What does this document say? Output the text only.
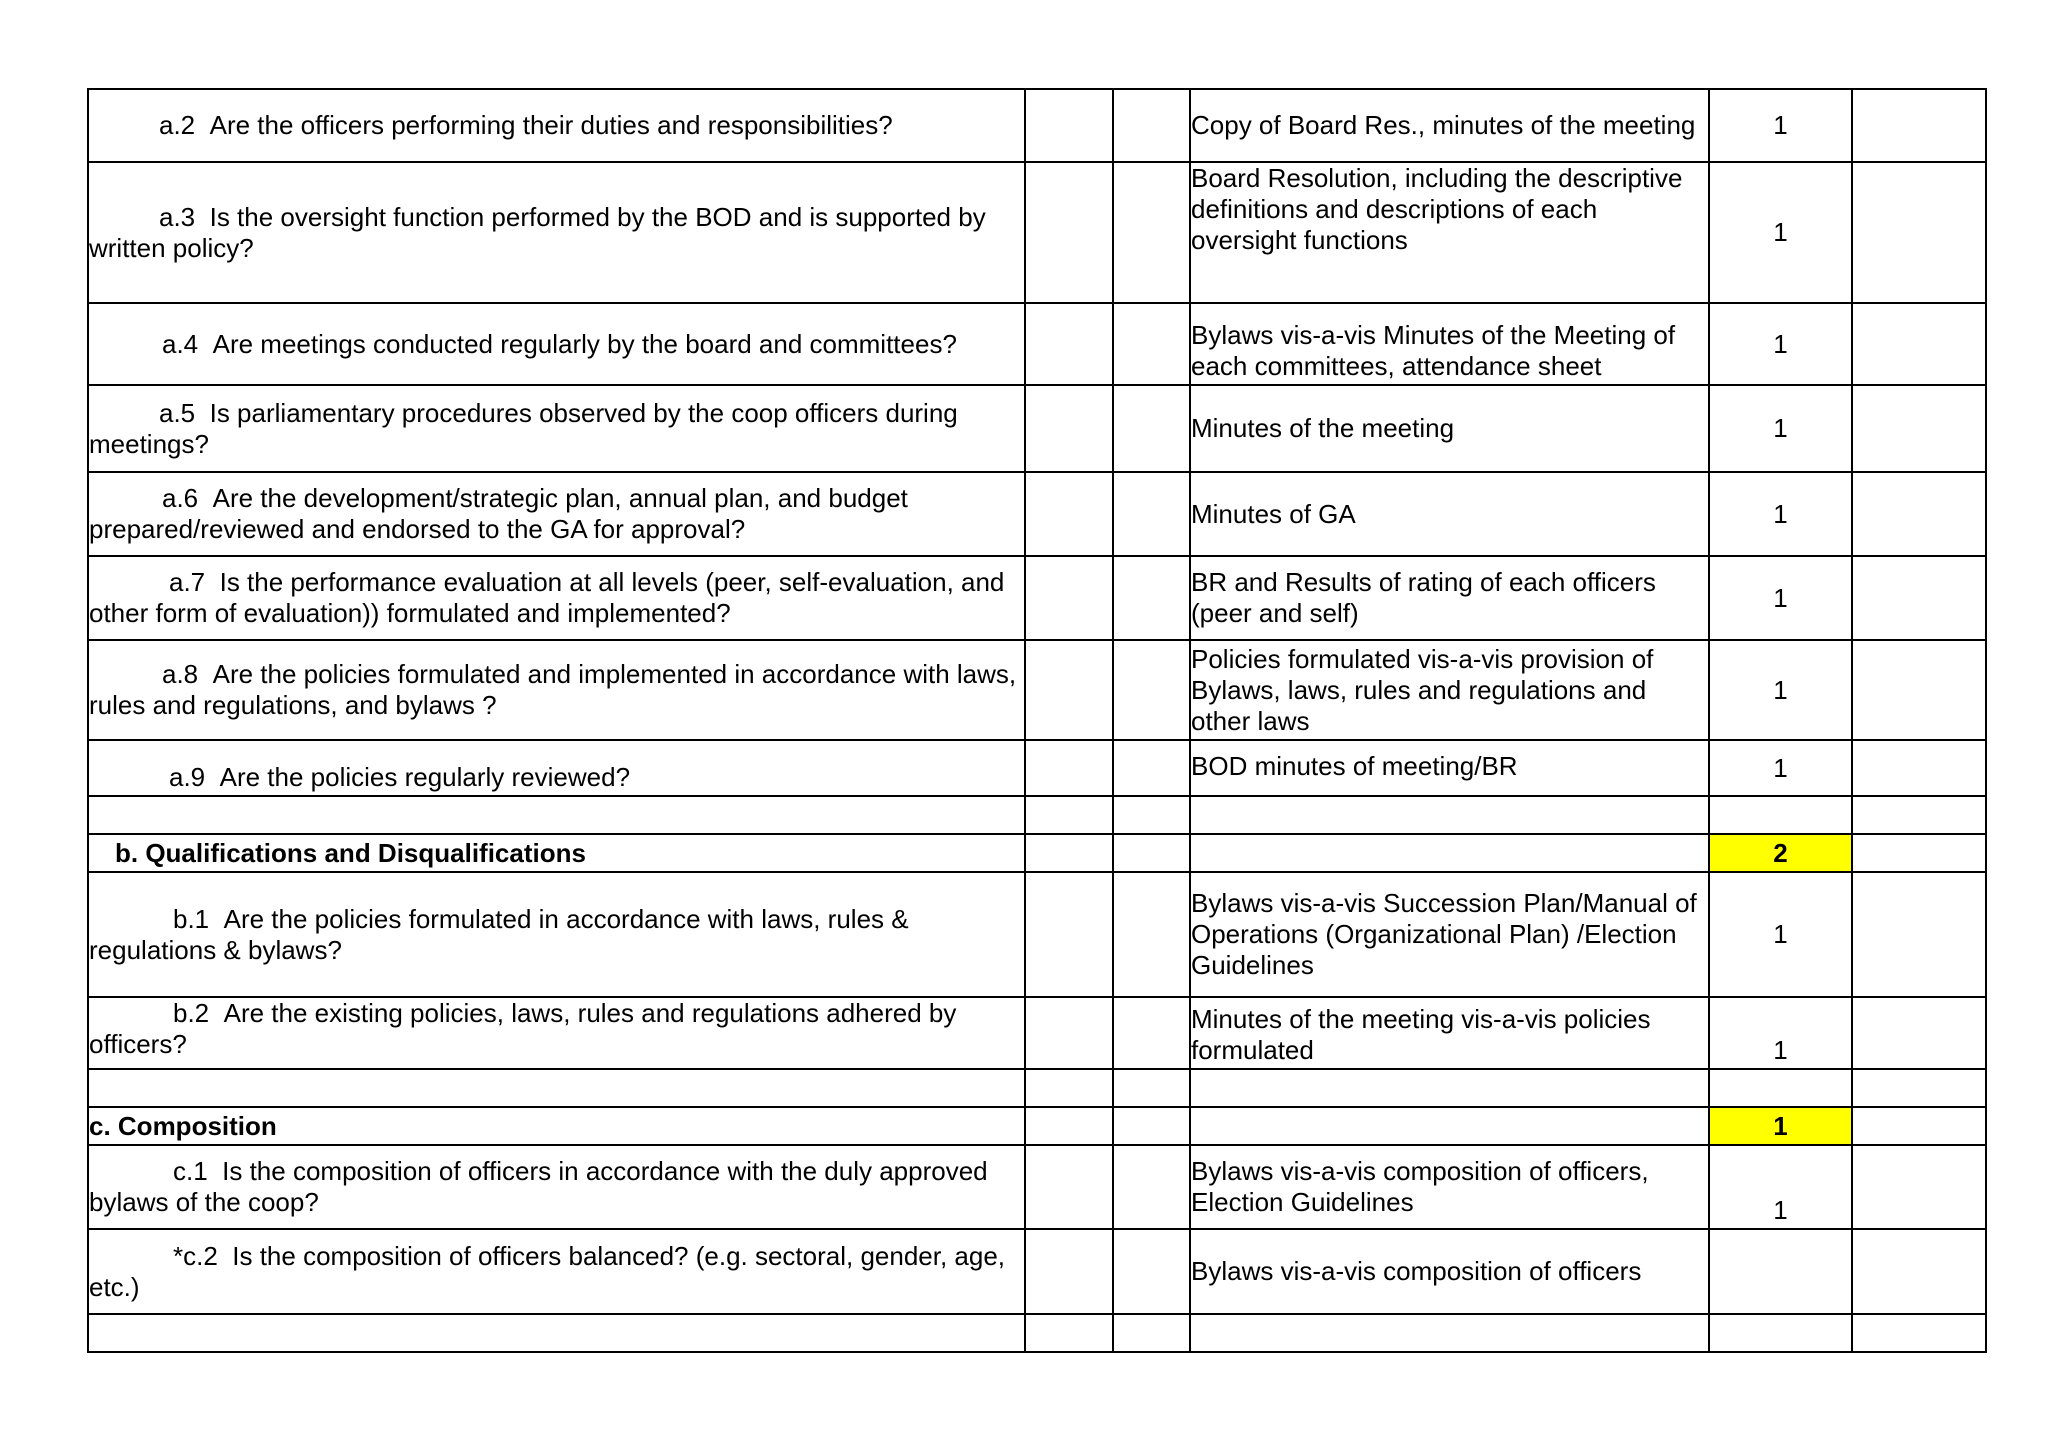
a.2 Are the officers performing their duties and responsibilities?			Copy of Board Res., minutes of the meeting	1	
a.3 Is the oversight function performed by the BOD and is supported by written policy?			Board Resolution, including the descriptive definitions and descriptions of each oversight functions	1	
a.4 Are meetings conducted regularly by the board and committees?			Bylaws vis-a-vis Minutes of the Meeting of each committees, attendance sheet	1	
a.5 Is parliamentary procedures observed by the coop officers during meetings?			Minutes of the meeting	1	
a.6 Are the development/strategic plan, annual plan, and budget prepared/reviewed and endorsed to the GA for approval?			Minutes of GA	1	
a.7 Is the performance evaluation at all levels (peer, self-evaluation, and other form of evaluation)) formulated and implemented?			BR and Results of rating of each officers (peer and self)	1	
a.8 Are the policies formulated and implemented in accordance with laws, rules and regulations, and bylaws ?			Policies formulated vis-a-vis provision of Bylaws, laws, rules and regulations and other laws	1	
a.9 Are the policies regularly reviewed?			BOD minutes of meeting/BR	1	

b. Qualifications and Disqualifications				2	
b.1 Are the policies formulated in accordance with laws, rules & regulations & bylaws?			Bylaws vis-a-vis Succession Plan/Manual of Operations (Organizational Plan) /Election Guidelines	1	
b.2 Are the existing policies, laws, rules and regulations adhered by officers?			Minutes of the meeting vis-a-vis policies formulated	1	

c. Composition				1	
c.1 Is the composition of officers in accordance with the duly approved bylaws of the coop?			Bylaws vis-a-vis composition of officers, Election Guidelines	1	
*c.2 Is the composition of officers balanced? (e.g. sectoral, gender, age, etc.)			Bylaws vis-a-vis composition of officers		
